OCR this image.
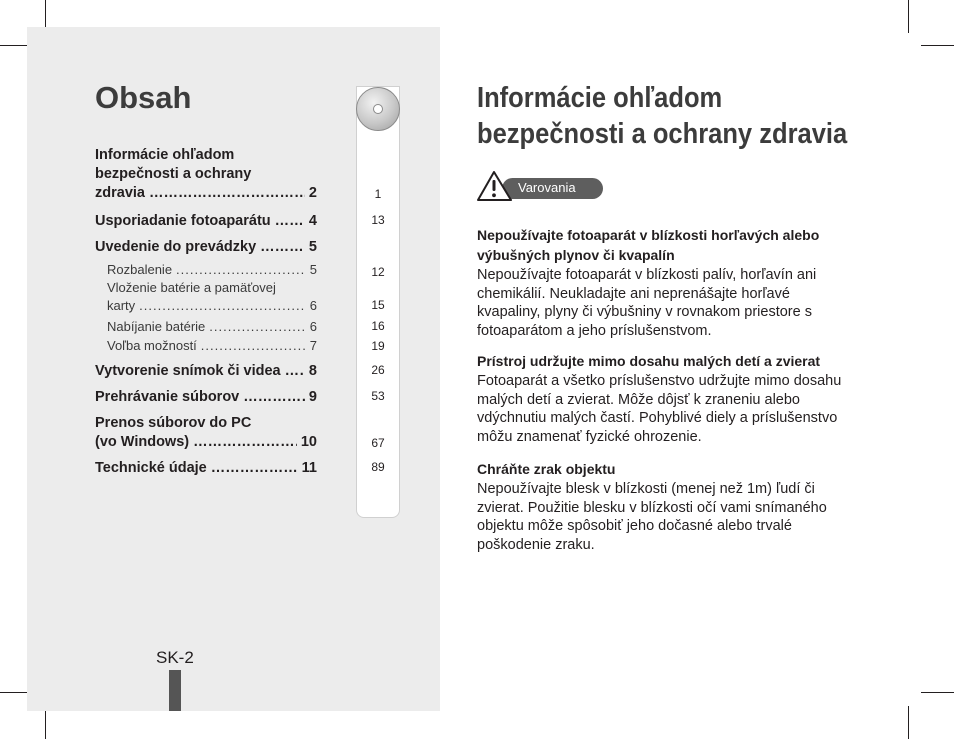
Obsah
Informácie ohľadom
bezpečnosti a ochrany
zdravia …………………………………………………………………………	2
Usporiadanie fotoaparátu …………………………………………………………………………	4
Uvedenie do prevádzky …………………………………………………………………………	5
Rozbalenie .....	5
Vloženie batérie a pamäťovej
karty .....	6
Nabíjanie batérie .....	6
Voľba možností .....	7
Vytvorenie snímok či videa ………………………………………………………………………… 8
Prehrávanie súborov …………………………………………………………………………	9
Prenos súborov do PC
(vo Windows) …………………………………………………………………………	10
Technické údaje …………………………………………………………………………	11
1
13
12
15
16
19
26
53
67
89
SK-2
Informácie ohľadom
bezpečnosti a ochrany zdravia
Varovania
Nepoužívajte fotoaparát v blízkosti horľavých alebo výbušných plynov či kvapalín

Nepoužívajte fotoaparát v blízkosti palív, horľavín ani chemikálií. Neukladajte ani neprenášajte horľavé kvapaliny, plyny či výbušniny v rovnakom priestore s fotoaparátom a jeho príslušenstvom.

Prístroj udržujte mimo dosahu malých detí a zvierat

Fotoaparát a všetko príslušenstvo udržujte mimo dosahu malých detí a zvierat. Môže dôjsť k zraneniu alebo vdýchnutiu malých častí. Pohyblivé diely a príslušenstvo môžu znamenať fyzické ohrozenie.

Chráňte zrak objektu

Nepoužívajte blesk v blízkosti (menej než 1m) ľudí či zvierat. Použitie blesku v blízkosti očí vami snímaného objektu môže spôsobiť jeho dočasné alebo trvalé poškodenie zraku.
